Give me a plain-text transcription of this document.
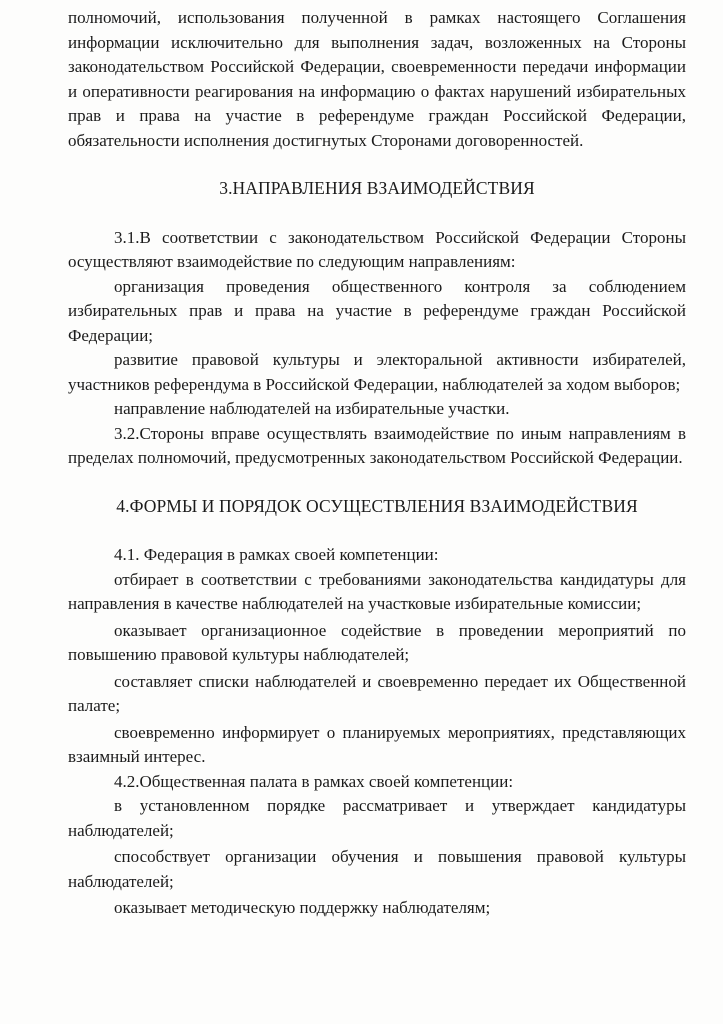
полномочий, использования полученной в рамках настоящего Соглашения информации исключительно для выполнения задач, возложенных на Стороны законодательством Российской Федерации, своевременности передачи информации и оперативности реагирования на информацию о фактах нарушений избирательных прав и права на участие в референдуме граждан Российской Федерации, обязательности исполнения достигнутых Сторонами договоренностей.

3.НАПРАВЛЕНИЯ ВЗАИМОДЕЙСТВИЯ

3.1.В соответствии с законодательством Российской Федерации Стороны осуществляют взаимодействие по следующим направлениям:

организация проведения общественного контроля за соблюдением избирательных прав и права на участие в референдуме граждан Российской Федерации;

развитие правовой культуры и электоральной активности избирателей, участников референдума в Российской Федерации, наблюдателей за ходом выборов;

направление наблюдателей на избирательные участки.

3.2.Стороны вправе осуществлять взаимодействие по иным направлениям в пределах полномочий, предусмотренных законодательством Российской Федерации.

4.ФОРМЫ И ПОРЯДОК ОСУЩЕСТВЛЕНИЯ ВЗАИМОДЕЙСТВИЯ

4.1. Федерация в рамках своей компетенции:

отбирает в соответствии с требованиями законодательства кандидатуры для направления в качестве наблюдателей на участковые избирательные комиссии;

оказывает организационное содействие в проведении мероприятий по повышению правовой культуры наблюдателей;

составляет списки наблюдателей и своевременно передает их Общественной палате;

своевременно информирует о планируемых мероприятиях, представляющих взаимный интерес.

4.2.Общественная палата в рамках своей компетенции:

в установленном порядке рассматривает и утверждает кандидатуры наблюдателей;

способствует организации обучения и повышения правовой культуры наблюдателей;

оказывает методическую поддержку наблюдателям;
